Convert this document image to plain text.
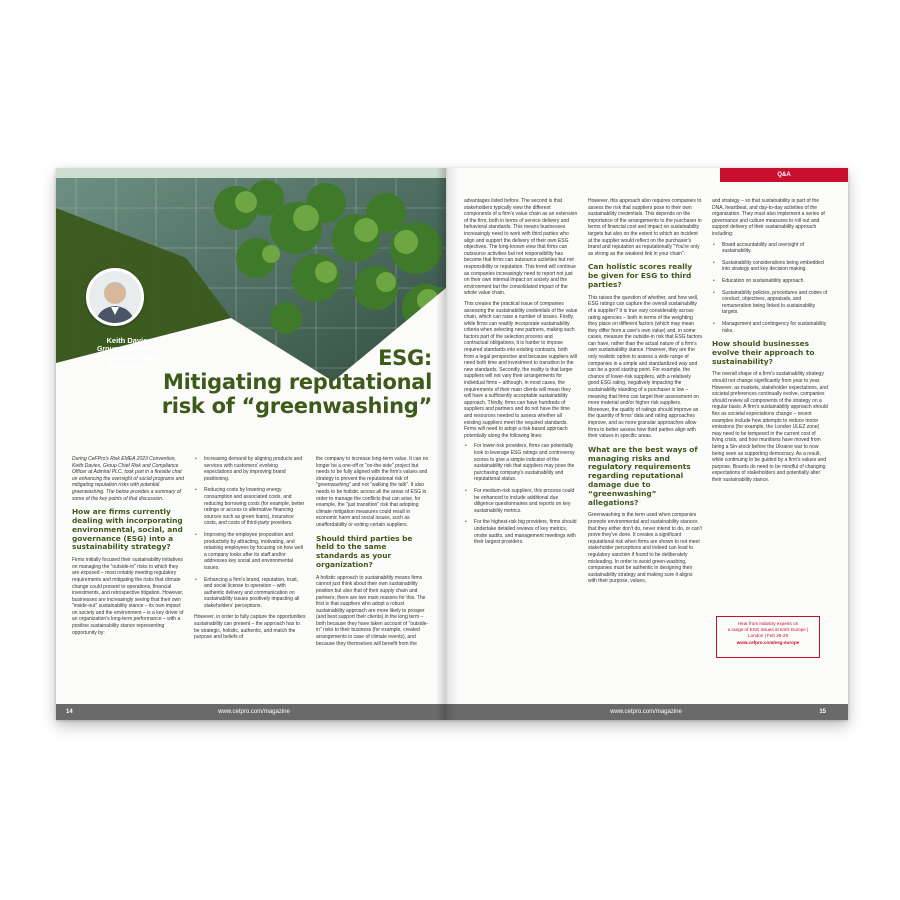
Keith Davies
Group Chief Risk &
Compliance Officer
Admiral PLC	ESG:
Mitigating reputational
risk of “greenwashing”

During CeFPro's Risk EMEA 2023 Convention, Keith Davies, Group Chief Risk and Compliance Officer at Admiral PLC, took part in a fireside chat on enhancing the oversight of social programs and mitigating reputation risks with potential greenwashing. The below provides a summary of some of the key points of that discussion.

How are firms currently dealing with incorporating environmental, social, and governance (ESG) into a sustainability strategy?

Firms initially focused their sustainability initiatives on managing the "outside-in" risks to which they are exposed – most notably meeting regulatory requirements and mitigating the risks that climate change could present to operations, financial investments, and retrospective litigation. However, businesses are increasingly seeing that their own "inside-out" sustainability stance – its own impact on society and the environment – is a key driver of an organization's long-term performance – with a positive sustainability stance representing opportunity by:

• Increasing demand by aligning products and services with customers' evolving expectations and by improving brand positioning.
• Reducing costs by lowering energy consumption and associated costs, and reducing borrowing costs (for example, better ratings or access to alternative financing sources such as green loans), insurance costs, and costs of third-party providers.
• Improving the employee proposition and productivity by attracting, motivating, and retaining employees by focusing on how well a company looks after its staff and/or addresses key social and environmental issues.
• Enhancing a firm's brand, reputation, trust, and social license to operation – with authentic delivery and communication on sustainability issues positively impacting all stakeholders' perceptions.

However, in order to fully capture the opportunities sustainability can present – the approach has to be strategic, holistic, authentic, and match the purpose and beliefs of

the company to increase long-term value. It can no longer be a one-off or "on-the-side" project but needs to be fully aligned with the firm's values and strategy to prevent the reputational risk of "greenwashing" and not "walking the talk". It also needs to be holistic across all the areas of ESG in order to manage the conflicts that can arise, for example, the "just transition" risk that adopting climate mitigation measures could result in economic harm and social issues, such as unaffordability or exiting certain suppliers.

Should third parties be held to the same standards as your organization?

A holistic approach to sustainability means firms cannot just think about their own sustainability position but also that of their supply chain and partners; there are two main reasons for this. The first is that suppliers who adopt a robust sustainability approach are more likely to prosper (and best support their clients) in the long term – both because they have taken account of "outside-in" risks to their business (for example, created arrangements in case of climate events), and because they themselves will benefit from the

14	www.cetpro.com/magazine
Q&A

advantages listed before. The second is that stakeholders typically view the different components of a firm's value chain as an extension of the firm, both in terms of service delivery and behavioral standards. This means businesses increasingly need to work with third parties who align and support the delivery of their own ESG objectives. The long-known view that firms can outsource activities but not responsibility has become that firms can outsource activities but not responsibility or reputation. This trend will continue as companies increasingly need to report not just on their own internal impact on society and the environment but the consolidated impact of the whole value chain.

This creates the practical issue of companies assessing the sustainability credentials of the value chain, which can raise a number of issues. Firstly, while firms can readily incorporate sustainability criteria when selecting new partners, making such factors part of the selection process and contractual obligations, it is harder to impose required standards into existing contracts, both from a legal perspective and because suppliers will need both time and investment to transition to the new standards. Secondly, the reality is that larger suppliers will not vary their arrangements for individual firms – although, in most cases, the requirements of their main clients will mean they will have a sufficiently acceptable sustainability approach. Thirdly, firms can have hundreds of suppliers and partners and do not have the time and resources needed to assess whether all existing suppliers meet the required standards. Firms will need to adopt a risk-based approach potentially along the following lines:

• For lower-risk providers, firms can potentially look to leverage ESG ratings and controversy scores to give a simple indicator of the sustainability risk that suppliers may pose the purchasing company's sustainability and reputational status.
• For medium-risk suppliers, this process could be enhanced to include additional due diligence questionnaires and reports on key sustainability metrics.
• For the highest-risk big providers, firms should undertake detailed reviews of key metrics, onsite audits, and management meetings with their largest providers.

However, this approach also requires companies to assess the risk that suppliers pose to their own sustainability credentials. This depends on the importance of the arrangements to the purchaser in terms of financial cost and impact on sustainability targets but also on the extent to which an incident at the supplier would reflect on the purchaser's brand and reputation as reputationally "You're only as strong as the weakest link in your chain".

Can holistic scores really be given for ESG to third parties?

This raises the question of whether, and how well, ESG ratings can capture the overall sustainability of a supplier? It is true vary considerably across rating agencies – both in terms of the weighting they place on different factors (which may mean they differ from a user's own value) and, in some cases, measure the outside-in risk that ESG factors can have, rather than the actual nature of a firm's own sustainability stance. However, they are the only realistic option to assess a wide range of companies in a simple and standardized way and can be a good starting point. For example, the chance of lower-risk suppliers, with a relatively good ESG rating, negatively impacting the sustainability standing of a purchaser is low – meaning that firms can target their assessment on more material and/or higher risk suppliers. Moreover, the quality of ratings should improve as the quantity of firms' data and rating approaches improve, and as more granular approaches allow firms to better assess how third parties align with their values in specific areas.

What are the best ways of managing risks and regulatory requirements regarding reputational damage due to “greenwashing” allegations?

Greenwashing is the term used when companies promote environmental and sustainability stances that they either don't do, never intend to do, or can't prove they've done. It creates a significant reputational risk when firms are shown to not meet stakeholder perceptions and indeed can lead to regulatory sanction if found to be deliberately misleading. In order to avoid green-washing, companies must be authentic in designing their sustainability strategy and making sure it aligns with their purpose, values,

and strategy – so that sustainability is part of the DNA, heartbeat, and day-to-day activities of the organization. They must also implement a series of governance and culture measures to roll out and support delivery of their sustainability approach including:

• Board accountability and oversight of sustainability.
• Sustainability considerations being embedded into strategy and key decision making.
• Education on sustainability approach.
• Sustainability policies, procedures and codes of conduct, objectives, appraisals, and remuneration being linked to sustainability targets.
• Management and contingency for sustainability risks.
How should businesses evolve their approach to sustainability?

The overall shape of a firm's sustainability strategy should not change significantly from year to year. However, as markets, stakeholder expectations, and societal preferences continually evolve, companies should review all components of the strategy on a regular basis. A firm's sustainability approach should flex as societal expectations change – recent examples include how attempts to reduce motor emissions (for example, the London ULEZ zone) may need to be tempered in the current cost of living crisis, and how munitions have moved from being a Sin-stock before the Ukraine war to now being seen as supporting democracy. As a result, while continuing to be guided by a firm's values and purpose, Boards do need to be mindful of changing expectations of stakeholders and potentially alter their sustainability stance.

Hear from industry experts on
a range of ESG issues at ESG Europe |
London | Feb 28-29
www.cefpro.com/esg-europe
www.cetpro.com/magazine	15
